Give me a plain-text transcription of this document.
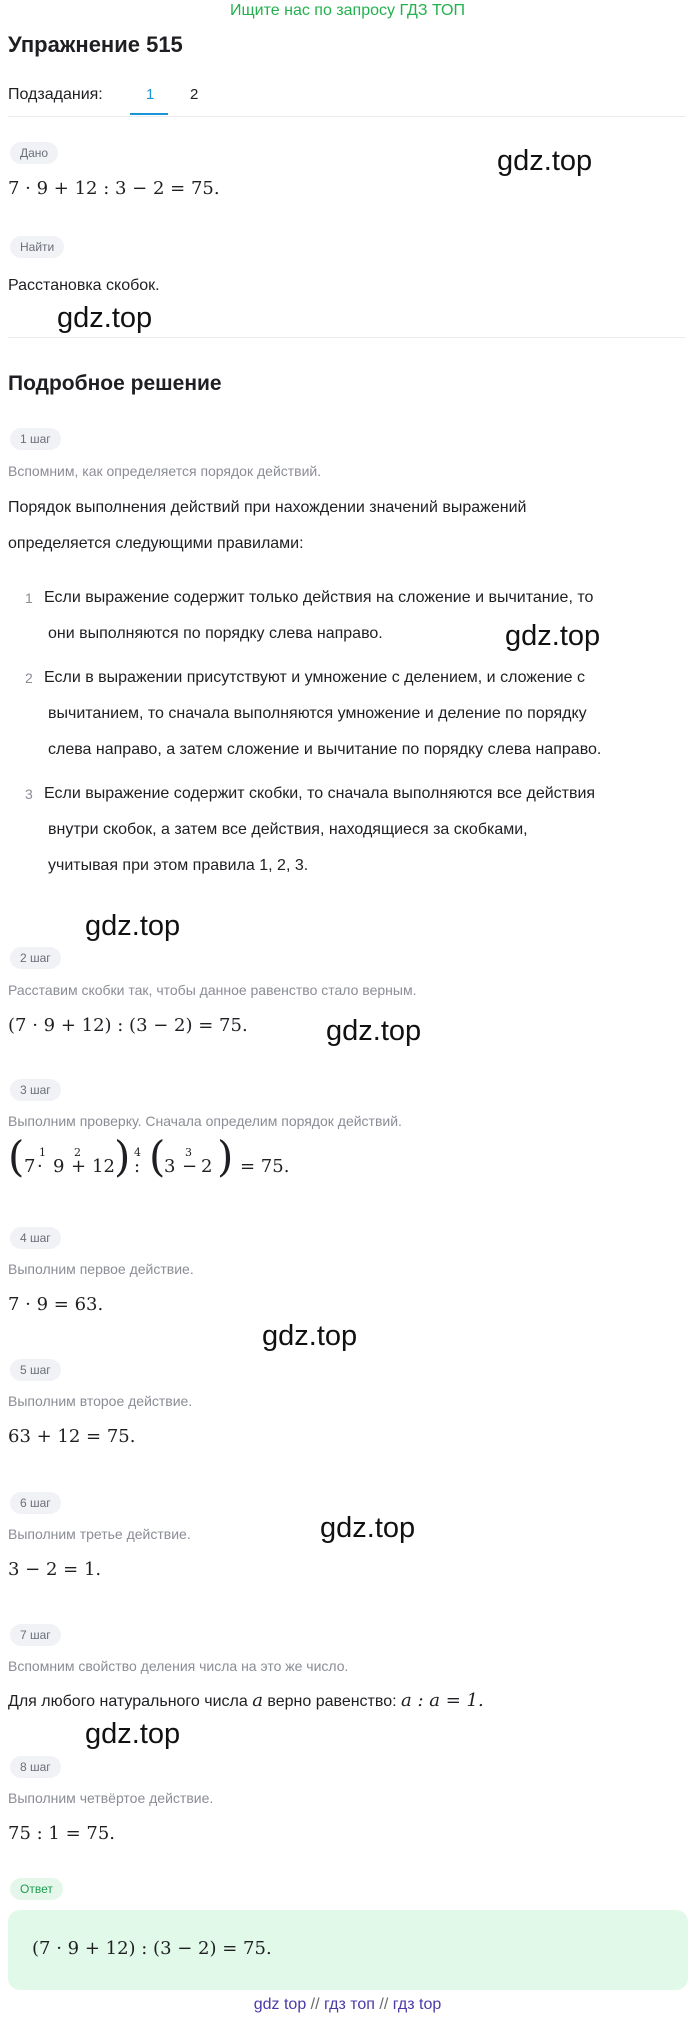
Ищите нас по запросу ГДЗ ТОП
Упражнение 515
Подзадания:	1 2
Дано
7 · 9 + 12 : 3 − 2 = 75.
gdz.top
Найти
Расстановка скобок.
gdz.top
Подробное решение
1 шаг
Вспомним, как определяется порядок действий.
Порядок выполнения действий при нахождении значений выражений
определяется следующими правилами:
1 Если выражение содержит только действия на сложение и вычитание, то
они выполняются по порядку слева направо.	gdz.top
2 Если в выражении присутствуют и умножение с делением, и сложение с
вычитанием, то сначала выполняются умножение и деление по порядку
слева направо, а затем сложение и вычитание по порядку слева направо.
3 Если выражение содержит скобки, то сначала выполняются все действия
внутри скобок, а затем все действия, находящиеся за скобками,
учитывая при этом правила 1, 2, 3.
gdz.top
2 шаг
Расставим скобки так, чтобы данное равенство стало верным.
(7 · 9 + 12) : (3 − 2) = 75.	gdz.top
3 шаг
Выполним проверку. Сначала определим порядок действий.
( 7
1
· 9
2
+ 12 ) 4
: (
3
3
− 2 ) = 75.
4 шаг
Выполним первое действие.
7 · 9 = 63.
gdz.top
5 шаг
Выполним второе действие.
63 + 12 = 75.
6 шаг
Выполним третье действие.
3 − 2 = 1.
gdz.top
7 шаг
Вспомним свойство деления числа на это же число.
Для любого натурального числа a верно равенство: a : a = 1.
gdz.top
8 шаг
Выполним четвёртое действие.
75 : 1 = 75.
Ответ
(7 · 9 + 12) : (3 − 2) = 75.
gdz top // гдз топ // гдз top
